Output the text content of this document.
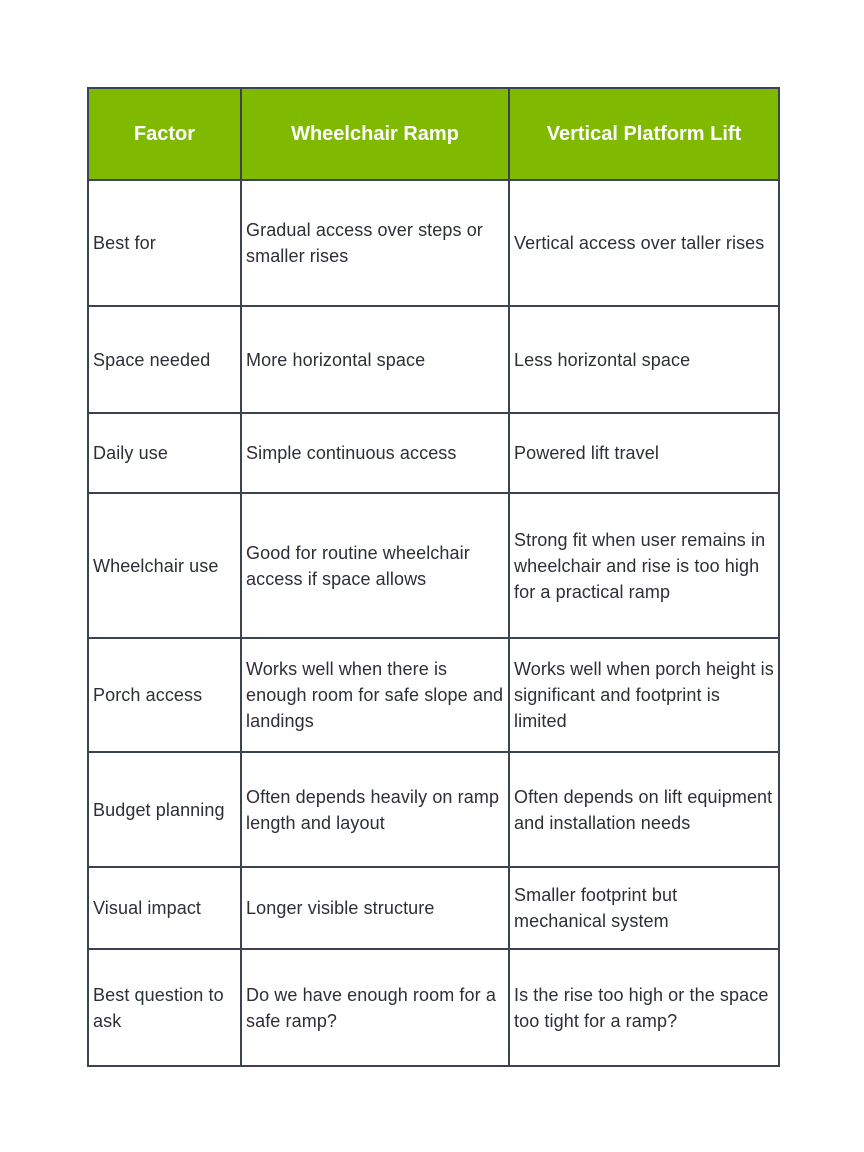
Factor	Wheelchair Ramp	Vertical Platform Lift
Best for	Gradual access over steps or smaller rises	Vertical access over taller rises
Space needed	More horizontal space	Less horizontal space
Daily use	Simple continuous access	Powered lift travel
Wheelchair use	Good for routine wheelchair access if space allows	Strong fit when user remains in wheelchair and rise is too high for a practical ramp
Porch access	Works well when there is enough room for safe slope and landings	Works well when porch height is significant and footprint is limited
Budget planning	Often depends heavily on ramp length and layout	Often depends on lift equipment and installation needs
Visual impact	Longer visible structure	Smaller footprint but mechanical system
Best question to ask	Do we have enough room for a safe ramp?	Is the rise too high or the space too tight for a ramp?
